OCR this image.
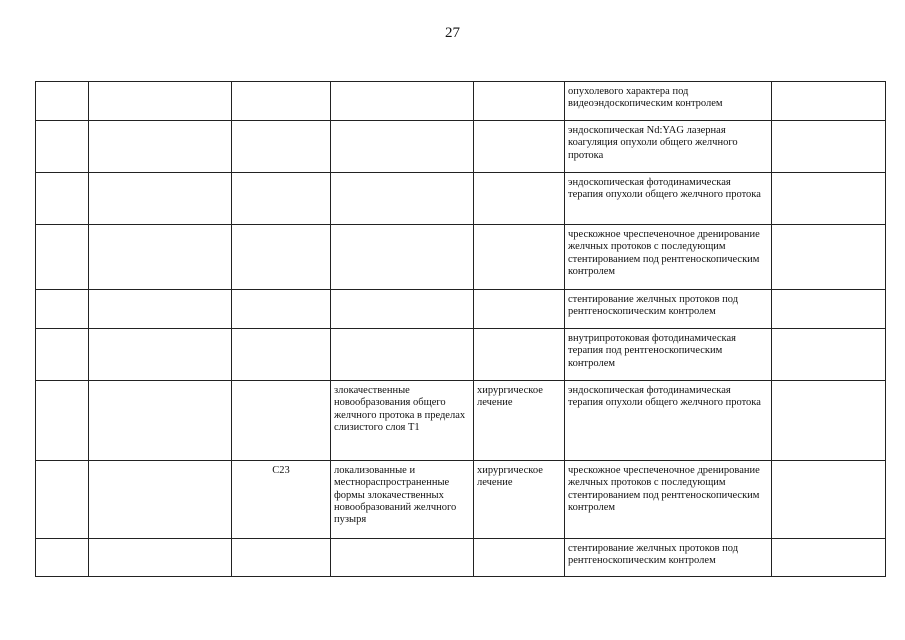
27
					опухолевого характера под видеоэндоскопическим контролем	
					эндоскопическая Nd:YAG лазерная коагуляция опухоли общего желчного протока	
					эндоскопическая фотодинамическая терапия опухоли общего желчного протока	
					чрескожное чреспеченочное дренирование желчных протоков с последующим стентированием под рентгеноскопическим контролем	
					стентирование желчных протоков под рентгеноскопическим контролем	
					внутрипротоковая фотодинамическая терапия под рентгеноскопическим контролем	
			злокачественные новообразования общего желчного протока в пределах слизистого слоя T1	хирургическое лечение	эндоскопическая фотодинамическая терапия опухоли общего желчного протока	
		C23	локализованные и местнораспространенные формы злокачественных новообразований желчного пузыря	хирургическое лечение	чрескожное чреспеченочное дренирование желчных протоков с последующим стентированием под рентгеноскопическим контролем	
					стентирование желчных протоков под рентгеноскопическим контролем	
